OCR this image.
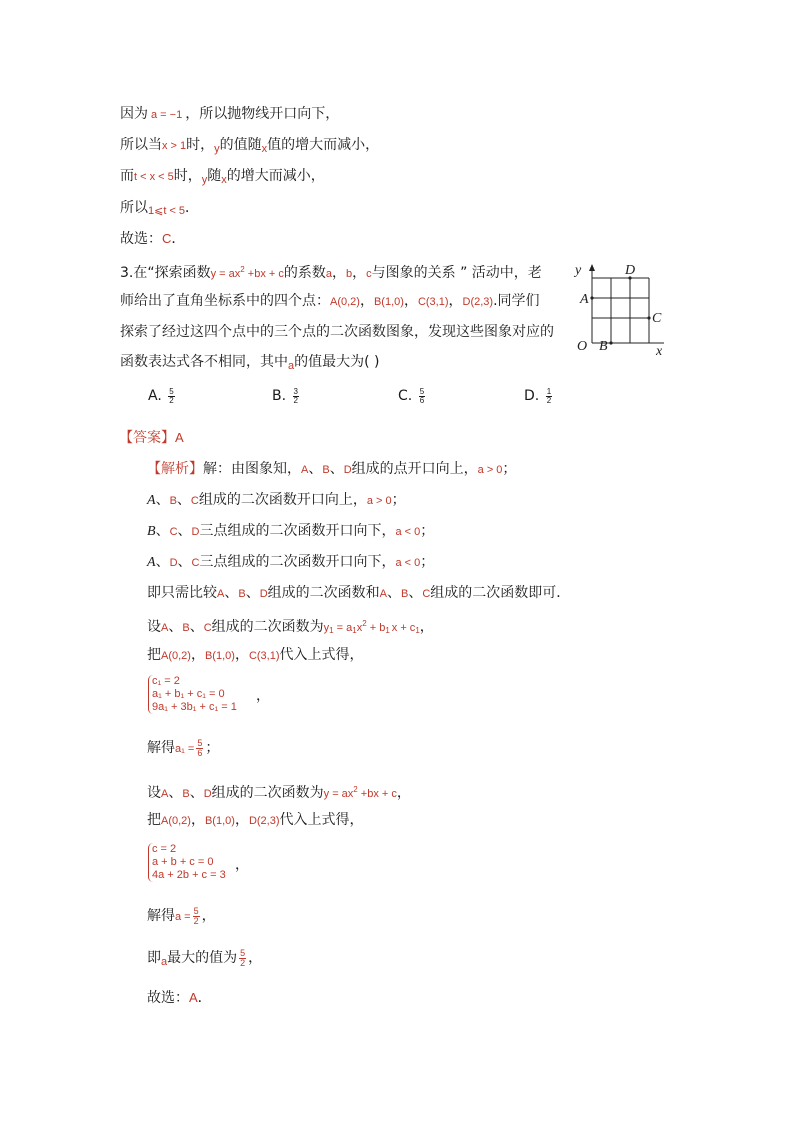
因为 a = −1 ，所以抛物线开口向下，
所以当x > 1时，$_y$的值随$_x$值的增大而减小，
而t < x < 5时，$_y$随$_x$的增大而减小，
所以1⩽t < 5．
故选：C．
3.在“探索函数$y = ax^2 +bx + c$的系数a，b，c与图象的关系 ” 活动中，老
师给出了直角坐标系中的四个点：A(0,2)，B(1,0)，C(3,1)，D(2,3).同学们
探索了经过这四个点中的三个点的二次函数图象，发现这些图象对应的
函数表达式各不相同，其中$_a$的值最大为( )
A. $\frac{5}{2}$	B. $\frac{3}{2}$	C. $\frac{5}{6}$	D. $\frac{1}{2}$
y
x
O
A
B
C
D
【答案】A
【解析】解：由图象知，A、B、D组成的点开口向上，a > 0；
A、B、C组成的二次函数开口向上，a > 0；
B、C、D三点组成的二次函数开口向下，a < 0；
A、D、C三点组成的二次函数开口向下，a < 0；
即只需比较A、B、D组成的二次函数和A、B、C组成的二次函数即可．
设A、B、C组成的二次函数为$y_1 = a_1x^2 + b_1$ $x + c_1$，
把A(0,2)，B(1,0)，C(3,1)代入上式得，
c₁ = 2
a₁ + b₁ + c₁ = 0
9a₁ + 3b₁ + c₁ = 1
，
解得$a_1 = \frac{5}{6}$ ；
设A、B、D组成的二次函数为$y = ax^2 +bx + c$，
把A(0,2)，B(1,0)，D(2,3)代入上式得，
c = 2
a + b + c = 0
4a + 2b + c = 3
，
解得$a = \frac{5}{2}$ ，
即$_a$最大的值为 $\frac{5}{2}$ ，
故选：A．
